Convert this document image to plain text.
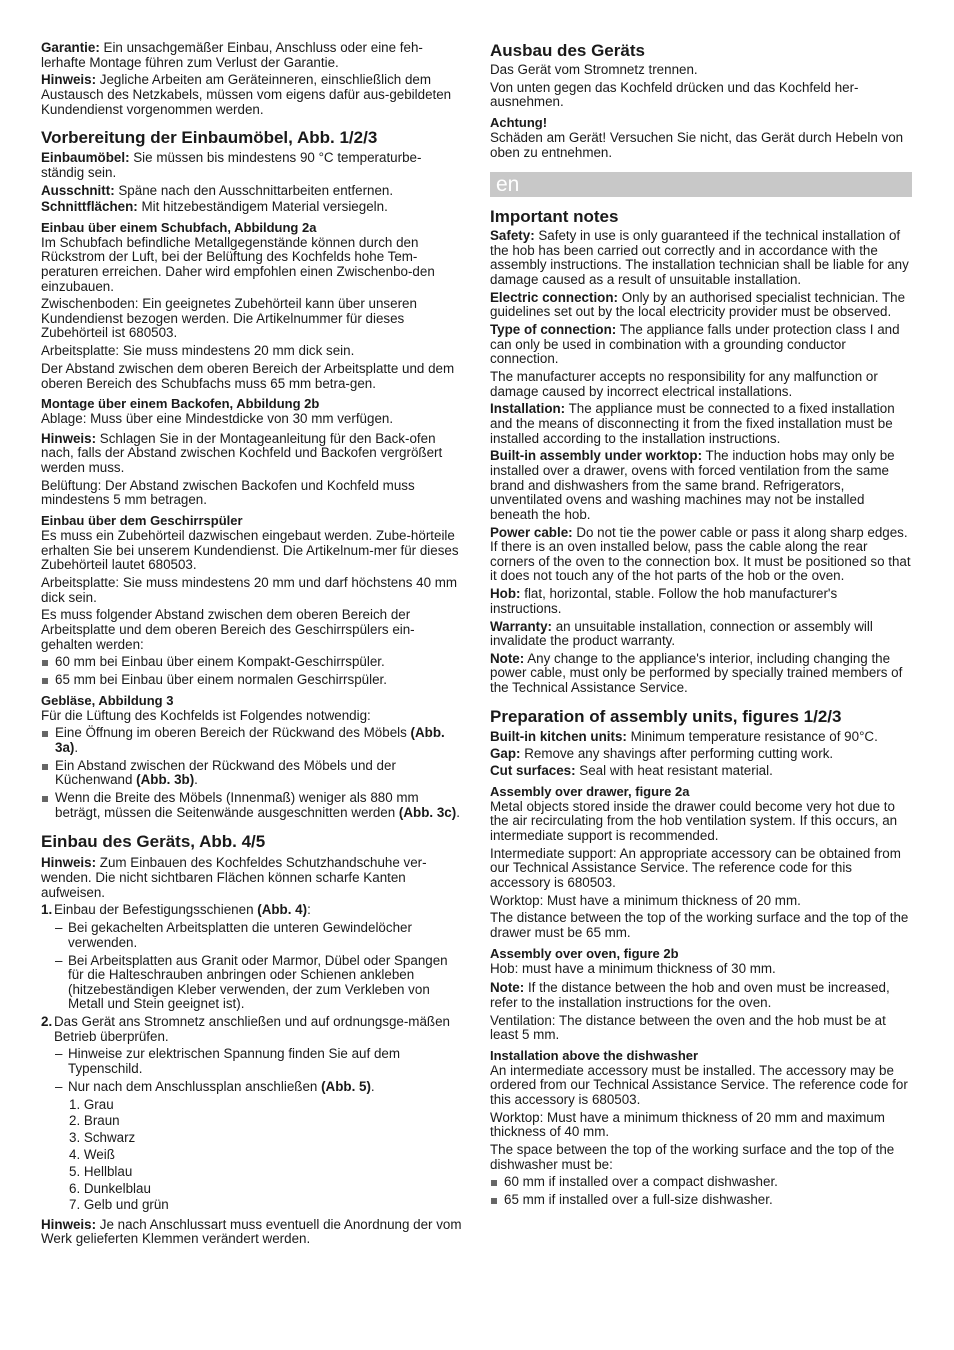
Garantie: Ein unsachgemäßer Einbau, Anschluss oder eine feh-lerhafte Montage führen zum Verlust der Garantie.

Hinweis: Jegliche Arbeiten am Geräteinneren, einschließlich dem Austausch des Netzkabels, müssen vom eigens dafür aus-gebildeten Kundendienst vorgenommen werden.

Vorbereitung der Einbaumöbel, Abb. 1/2/3

Einbaumöbel: Sie müssen bis mindestens 90 °C temperaturbe-ständig sein.

Ausschnitt: Späne nach den Ausschnittarbeiten entfernen.

Schnittflächen: Mit hitzebeständigem Material versiegeln.

Einbau über einem Schubfach, Abbildung 2a

Im Schubfach befindliche Metallgegenstände können durch den Rückstrom der Luft, bei der Belüftung des Kochfelds hohe Tem-peraturen erreichen. Daher wird empfohlen einen Zwischenbo-den einzubauen.

Zwischenboden: Ein geeignetes Zubehörteil kann über unseren Kundendienst bezogen werden. Die Artikelnummer für dieses Zubehörteil ist 680503.

Arbeitsplatte: Sie muss mindestens 20 mm dick sein.

Der Abstand zwischen dem oberen Bereich der Arbeitsplatte und dem oberen Bereich des Schubfachs muss 65 mm betra-gen.

Montage über einem Backofen, Abbildung 2b

Ablage: Muss über eine Mindestdicke von 30 mm verfügen.

Hinweis: Schlagen Sie in der Montageanleitung für den Back-ofen nach, falls der Abstand zwischen Kochfeld und Backofen vergrößert werden muss.

Belüftung: Der Abstand zwischen Backofen und Kochfeld muss mindestens 5 mm betragen.

Einbau über dem Geschirrspüler

Es muss ein Zubehörteil dazwischen eingebaut werden. Zube-hörteile erhalten Sie bei unserem Kundendienst. Die Artikelnum-mer für dieses Zubehörteil lautet 680503.

Arbeitsplatte: Sie muss mindestens 20 mm und darf höchstens 40 mm dick sein.

Es muss folgender Abstand zwischen dem oberen Bereich der Arbeitsplatte und dem oberen Bereich des Geschirrspülers ein-gehalten werden:

60 mm bei Einbau über einem Kompakt-Geschirrspüler.

65 mm bei Einbau über einem normalen Geschirrspüler.

Gebläse, Abbildung 3

Für die Lüftung des Kochfelds ist Folgendes notwendig:

Eine Öffnung im oberen Bereich der Rückwand des Möbels (Abb. 3a).

Ein Abstand zwischen der Rückwand des Möbels und der Küchenwand (Abb. 3b).

Wenn die Breite des Möbels (Innenmaß) weniger als 880 mm beträgt, müssen die Seitenwände ausgeschnitten werden (Abb. 3c).

Einbau des Geräts, Abb. 4/5

Hinweis: Zum Einbauen des Kochfeldes Schutzhandschuhe ver-wenden. Die nicht sichtbaren Flächen können scharfe Kanten aufweisen.

1. Einbau der Befestigungsschienen (Abb. 4):

– Bei gekachelten Arbeitsplatten die unteren Gewindelöcher verwenden.

– Bei Arbeitsplatten aus Granit oder Marmor, Dübel oder Spangen für die Halteschrauben anbringen oder Schienen ankleben (hitzebeständigen Kleber verwenden, der zum Verkleben von Metall und Stein geeignet ist).

2. Das Gerät ans Stromnetz anschließen und auf ordnungsge-mäßen Betrieb überprüfen.

– Hinweise zur elektrischen Spannung finden Sie auf dem Typenschild.

– Nur nach dem Anschlussplan anschließen (Abb. 5).

1. Grau

2. Braun

3. Schwarz

4. Weiß

5. Hellblau

6. Dunkelblau

7. Gelb und grün

Hinweis: Je nach Anschlussart muss eventuell die Anordnung der vom Werk gelieferten Klemmen verändert werden.

Ausbau des Geräts

Das Gerät vom Stromnetz trennen.

Von unten gegen das Kochfeld drücken und das Kochfeld her-ausnehmen.

Achtung!

Schäden am Gerät! Versuchen Sie nicht, das Gerät durch Hebeln von oben zu entnehmen.

en
Important notes

Safety: Safety in use is only guaranteed if the technical installation of the hob has been carried out correctly and in accordance with the assembly instructions. The installation technician shall be liable for any damage caused as a result of unsuitable installation.

Electric connection: Only by an authorised specialist technician. The guidelines set out by the local electricity provider must be observed.

Type of connection: The appliance falls under protection class I and can only be used in combination with a grounding conductor connection.

The manufacturer accepts no responsibility for any malfunction or damage caused by incorrect electrical installations.

Installation: The appliance must be connected to a fixed installation and the means of disconnecting it from the fixed installation must be installed according to the installation instructions.

Built-in assembly under worktop: The induction hobs may only be installed over a drawer, ovens with forced ventilation from the same brand and dishwashers from the same brand. Refrigerators, unventilated ovens and washing machines may not be installed beneath the hob.

Power cable: Do not tie the power cable or pass it along sharp edges. If there is an oven installed below, pass the cable along the rear corners of the oven to the connection box. It must be positioned so that it does not touch any of the hot parts of the hob or the oven.

Hob: flat, horizontal, stable. Follow the hob manufacturer's instructions.

Warranty: an unsuitable installation, connection or assembly will invalidate the product warranty.

Note: Any change to the appliance's interior, including changing the power cable, must only be performed by specially trained members of the Technical Assistance Service.

Preparation of assembly units, figures 1/2/3

Built-in kitchen units: Minimum temperature resistance of 90°C.

Gap: Remove any shavings after performing cutting work.

Cut surfaces: Seal with heat resistant material.

Assembly over drawer, figure 2a

Metal objects stored inside the drawer could become very hot due to the air recirculating from the hob ventilation system. If this occurs, an intermediate support is recommended.

Intermediate support: An appropriate accessory can be obtained from our Technical Assistance Service. The reference code for this accessory is 680503.

Worktop: Must have a minimum thickness of 20 mm.

The distance between the top of the working surface and the top of the drawer must be 65 mm.

Assembly over oven, figure 2b

Hob: must have a minimum thickness of 30 mm.

Note: If the distance between the hob and oven must be increased, refer to the installation instructions for the oven.

Ventilation: The distance between the oven and the hob must be at least 5 mm.

Installation above the dishwasher

An intermediate accessory must be installed. The accessory may be ordered from our Technical Assistance Service. The reference code for this accessory is 680503.

Worktop: Must have a minimum thickness of 20 mm and maximum thickness of 40 mm.

The space between the top of the working surface and the top of the dishwasher must be:

60 mm if installed over a compact dishwasher.

65 mm if installed over a full-size dishwasher.
